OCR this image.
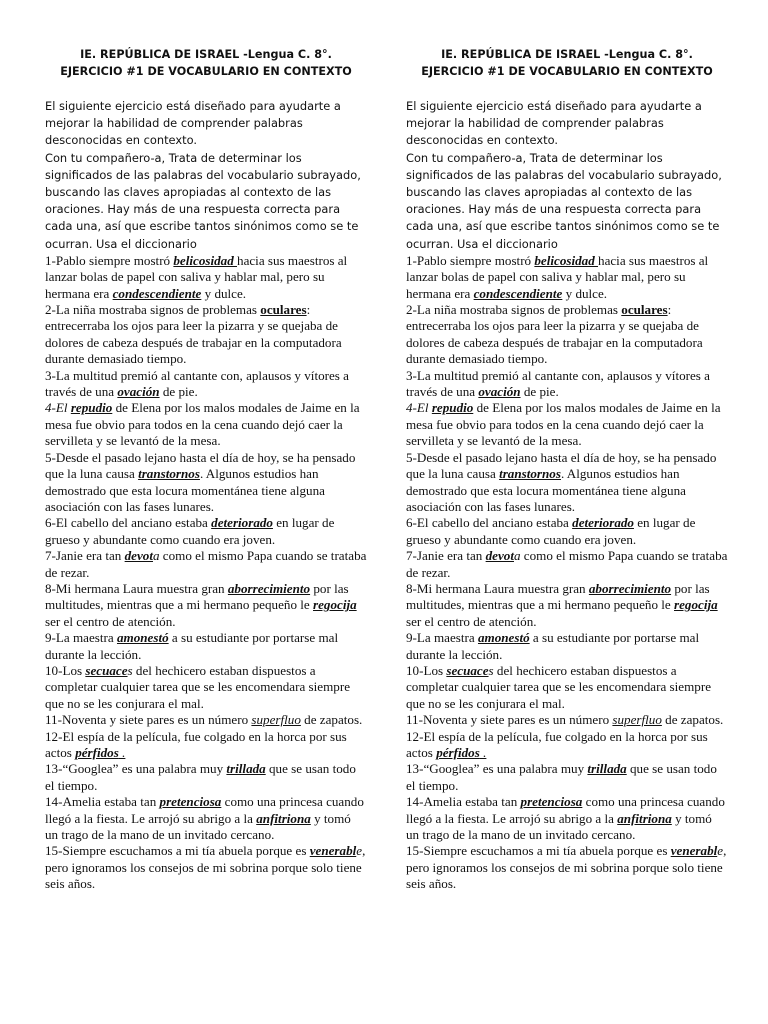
IE. REPÚBLICA DE ISRAEL -Lengua C. 8°.
EJERCICIO #1 DE VOCABULARIO EN CONTEXTO

El siguiente ejercicio está diseñado para ayudarte a mejorar la habilidad de comprender palabras desconocidas en contexto.

Con tu compañero-a, Trata de determinar los significados de las palabras del vocabulario subrayado, buscando las claves apropiadas al contexto de las oraciones. Hay más de una respuesta correcta para cada una, así que escribe tantos sinónimos como se te ocurran. Usa el diccionario

1-Pablo siempre mostró belicosidad hacia sus maestros al lanzar bolas de papel con saliva y hablar mal, pero su hermana era condescendiente y dulce.

2-La niña mostraba signos de problemas oculares: entrecerraba los ojos para leer la pizarra y se quejaba de dolores de cabeza después de trabajar en la computadora durante demasiado tiempo.

3-La multitud premió al cantante con, aplausos y vítores a través de una ovación de pie.

4-El repudio de Elena por los malos modales de Jaime en la mesa fue obvio para todos en la cena cuando dejó caer la servilleta y se levantó de la mesa.

5-Desde el pasado lejano hasta el día de hoy, se ha pensado que la luna causa transtornos. Algunos estudios han demostrado que esta locura momentánea tiene alguna asociación con las fases lunares.

6-El cabello del anciano estaba deteriorado en lugar de grueso y abundante como cuando era joven.

7-Janie era tan devota como el mismo Papa cuando se trataba de rezar.

8-Mi hermana Laura muestra gran aborrecimiento por las multitudes, mientras que a mi hermano pequeño le regocija ser el centro de atención.

9-La maestra amonestó a su estudiante por portarse mal durante la lección.

10-Los secuaces del hechicero estaban dispuestos a completar cualquier tarea que se les encomendara siempre que no se les conjurara el mal.

11-Noventa y siete pares es un número superfluo de zapatos.

12-El espía de la película, fue colgado en la horca por sus actos pérfidos .

13-“Googlea” es una palabra muy trillada que se usan todo el tiempo.

14-Amelia estaba tan pretenciosa como una princesa cuando llegó a la fiesta. Le arrojó su abrigo a la anfitriona y tomó un trago de la mano de un invitado cercano.

15-Siempre escuchamos a mi tía abuela porque es venerable, pero ignoramos los consejos de mi sobrina porque solo tiene seis años.

IE. REPÚBLICA DE ISRAEL -Lengua C. 8°.
EJERCICIO #1 DE VOCABULARIO EN CONTEXTO

El siguiente ejercicio está diseñado para ayudarte a mejorar la habilidad de comprender palabras desconocidas en contexto.

Con tu compañero-a, Trata de determinar los significados de las palabras del vocabulario subrayado, buscando las claves apropiadas al contexto de las oraciones. Hay más de una respuesta correcta para cada una, así que escribe tantos sinónimos como se te ocurran. Usa el diccionario

1-Pablo siempre mostró belicosidad hacia sus maestros al lanzar bolas de papel con saliva y hablar mal, pero su hermana era condescendiente y dulce.

2-La niña mostraba signos de problemas oculares: entrecerraba los ojos para leer la pizarra y se quejaba de dolores de cabeza después de trabajar en la computadora durante demasiado tiempo.

3-La multitud premió al cantante con, aplausos y vítores a través de una ovación de pie.

4-El repudio de Elena por los malos modales de Jaime en la mesa fue obvio para todos en la cena cuando dejó caer la servilleta y se levantó de la mesa.

5-Desde el pasado lejano hasta el día de hoy, se ha pensado que la luna causa transtornos. Algunos estudios han demostrado que esta locura momentánea tiene alguna asociación con las fases lunares.

6-El cabello del anciano estaba deteriorado en lugar de grueso y abundante como cuando era joven.

7-Janie era tan devota como el mismo Papa cuando se trataba de rezar.

8-Mi hermana Laura muestra gran aborrecimiento por las multitudes, mientras que a mi hermano pequeño le regocija ser el centro de atención.

9-La maestra amonestó a su estudiante por portarse mal durante la lección.

10-Los secuaces del hechicero estaban dispuestos a completar cualquier tarea que se les encomendara siempre que no se les conjurara el mal.

11-Noventa y siete pares es un número superfluo de zapatos.

12-El espía de la película, fue colgado en la horca por sus actos pérfidos .

13-“Googlea” es una palabra muy trillada que se usan todo el tiempo.

14-Amelia estaba tan pretenciosa como una princesa cuando llegó a la fiesta. Le arrojó su abrigo a la anfitriona y tomó un trago de la mano de un invitado cercano.

15-Siempre escuchamos a mi tía abuela porque es venerable, pero ignoramos los consejos de mi sobrina porque solo tiene seis años.
